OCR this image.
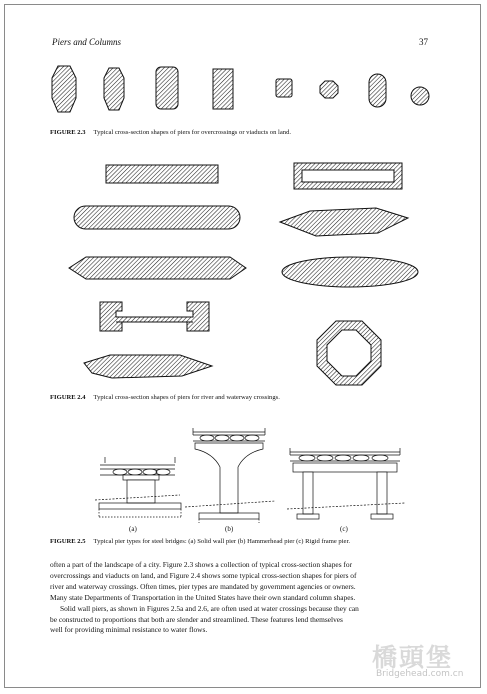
Piers and Columns	37
FIGURE 2.3 Typical cross-section shapes of piers for overcrossings or viaducts on land.
FIGURE 2.4 Typical cross-section shapes of piers for river and waterway crossings.
(a)	(b)	(c)
FIGURE 2.5 Typical pier types for steel bridges: (a) Solid wall pier (b) Hammerhead pier (c) Rigid frame pier.

often a part of the landscape of a city. Figure 2.3 shows a collection of typical cross-section shapes for

overcrossings and viaducts on land, and Figure 2.4 shows some typical cross-section shapes for piers of

river and waterway crossings. Often times, pier types are mandated by government agencies or owners.

Many state Departments of Transportation in the United States have their own standard column shapes.

Solid wall piers, as shown in Figures 2.5a and 2.6, are often used at water crossings because they can

be constructed to proportions that both are slender and streamlined. These features lend themselves

well for providing minimal resistance to water flows.

橋頭堡
Bridgehead.com.cn
